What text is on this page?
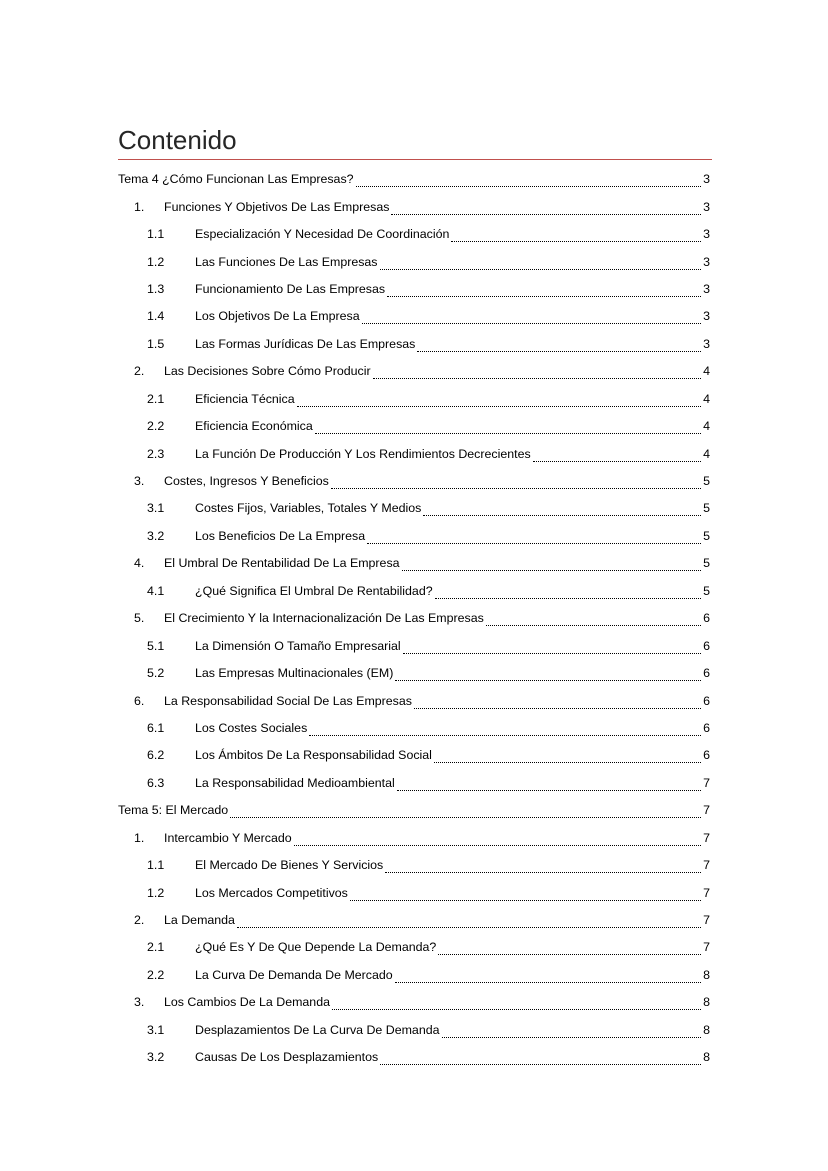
Contenido
Tema 4 ¿Cómo Funcionan Las Empresas?	3
1. Funciones Y Objetivos De Las Empresas	3
1.1 Especialización Y Necesidad De Coordinación	3
1.2 Las Funciones De Las Empresas	3
1.3 Funcionamiento De Las Empresas	3
1.4 Los Objetivos De La Empresa	3
1.5 Las Formas Jurídicas De Las Empresas	3
2. Las Decisiones Sobre Cómo Producir	4
2.1 Eficiencia Técnica	4
2.2 Eficiencia Económica	4
2.3 La Función De Producción Y Los Rendimientos Decrecientes	4
3. Costes, Ingresos Y Beneficios	5
3.1 Costes Fijos, Variables, Totales Y Medios	5
3.2 Los Beneficios De La Empresa	5
4. El Umbral De Rentabilidad De La Empresa	5
4.1 ¿Qué Significa El Umbral De Rentabilidad?	5
5. El Crecimiento Y la Internacionalización De Las Empresas	6
5.1 La Dimensión O Tamaño Empresarial	6
5.2 Las Empresas Multinacionales (EM)	6
6. La Responsabilidad Social De Las Empresas	6
6.1 Los Costes Sociales	6
6.2 Los Ámbitos De La Responsabilidad Social	6
6.3 La Responsabilidad Medioambiental	7
Tema 5: El Mercado	7
1. Intercambio Y Mercado	7
1.1 El Mercado De Bienes Y Servicios	7
1.2 Los Mercados Competitivos	7
2. La Demanda	7
2.1 ¿Qué Es Y De Que Depende La Demanda?	7
2.2 La Curva De Demanda De Mercado	8
3. Los Cambios De La Demanda	8
3.1 Desplazamientos De La Curva De Demanda	8
3.2 Causas De Los Desplazamientos	8
